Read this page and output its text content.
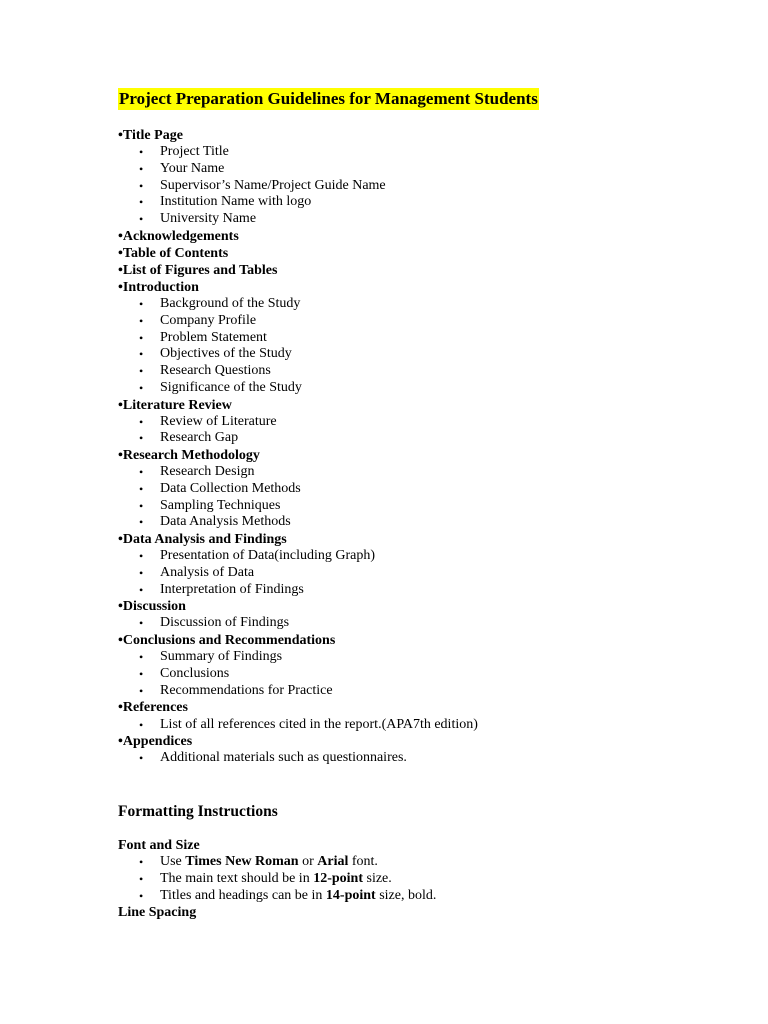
Project Preparation Guidelines for Management Students
•Title Page
• Project Title
• Your Name
• Supervisor’s Name/Project Guide Name
• Institution Name with logo
• University Name
•Acknowledgements
•Table of Contents
•List of Figures and Tables
•Introduction
• Background of the Study
• Company Profile
• Problem Statement
• Objectives of the Study
• Research Questions
• Significance of the Study
•Literature Review
• Review of Literature
• Research Gap
•Research Methodology
• Research Design
• Data Collection Methods
• Sampling Techniques
• Data Analysis Methods
•Data Analysis and Findings
• Presentation of Data(including Graph)
• Analysis of Data
• Interpretation of Findings
•Discussion
• Discussion of Findings
•Conclusions and Recommendations
• Summary of Findings
• Conclusions
• Recommendations for Practice
•References
• List of all references cited in the report.(APA7th edition)
•Appendices
• Additional materials such as questionnaires.
Formatting Instructions
Font and Size
• Use Times New Roman or Arial font.
• The main text should be in 12-point size.
• Titles and headings can be in 14-point size, bold.
Line Spacing
